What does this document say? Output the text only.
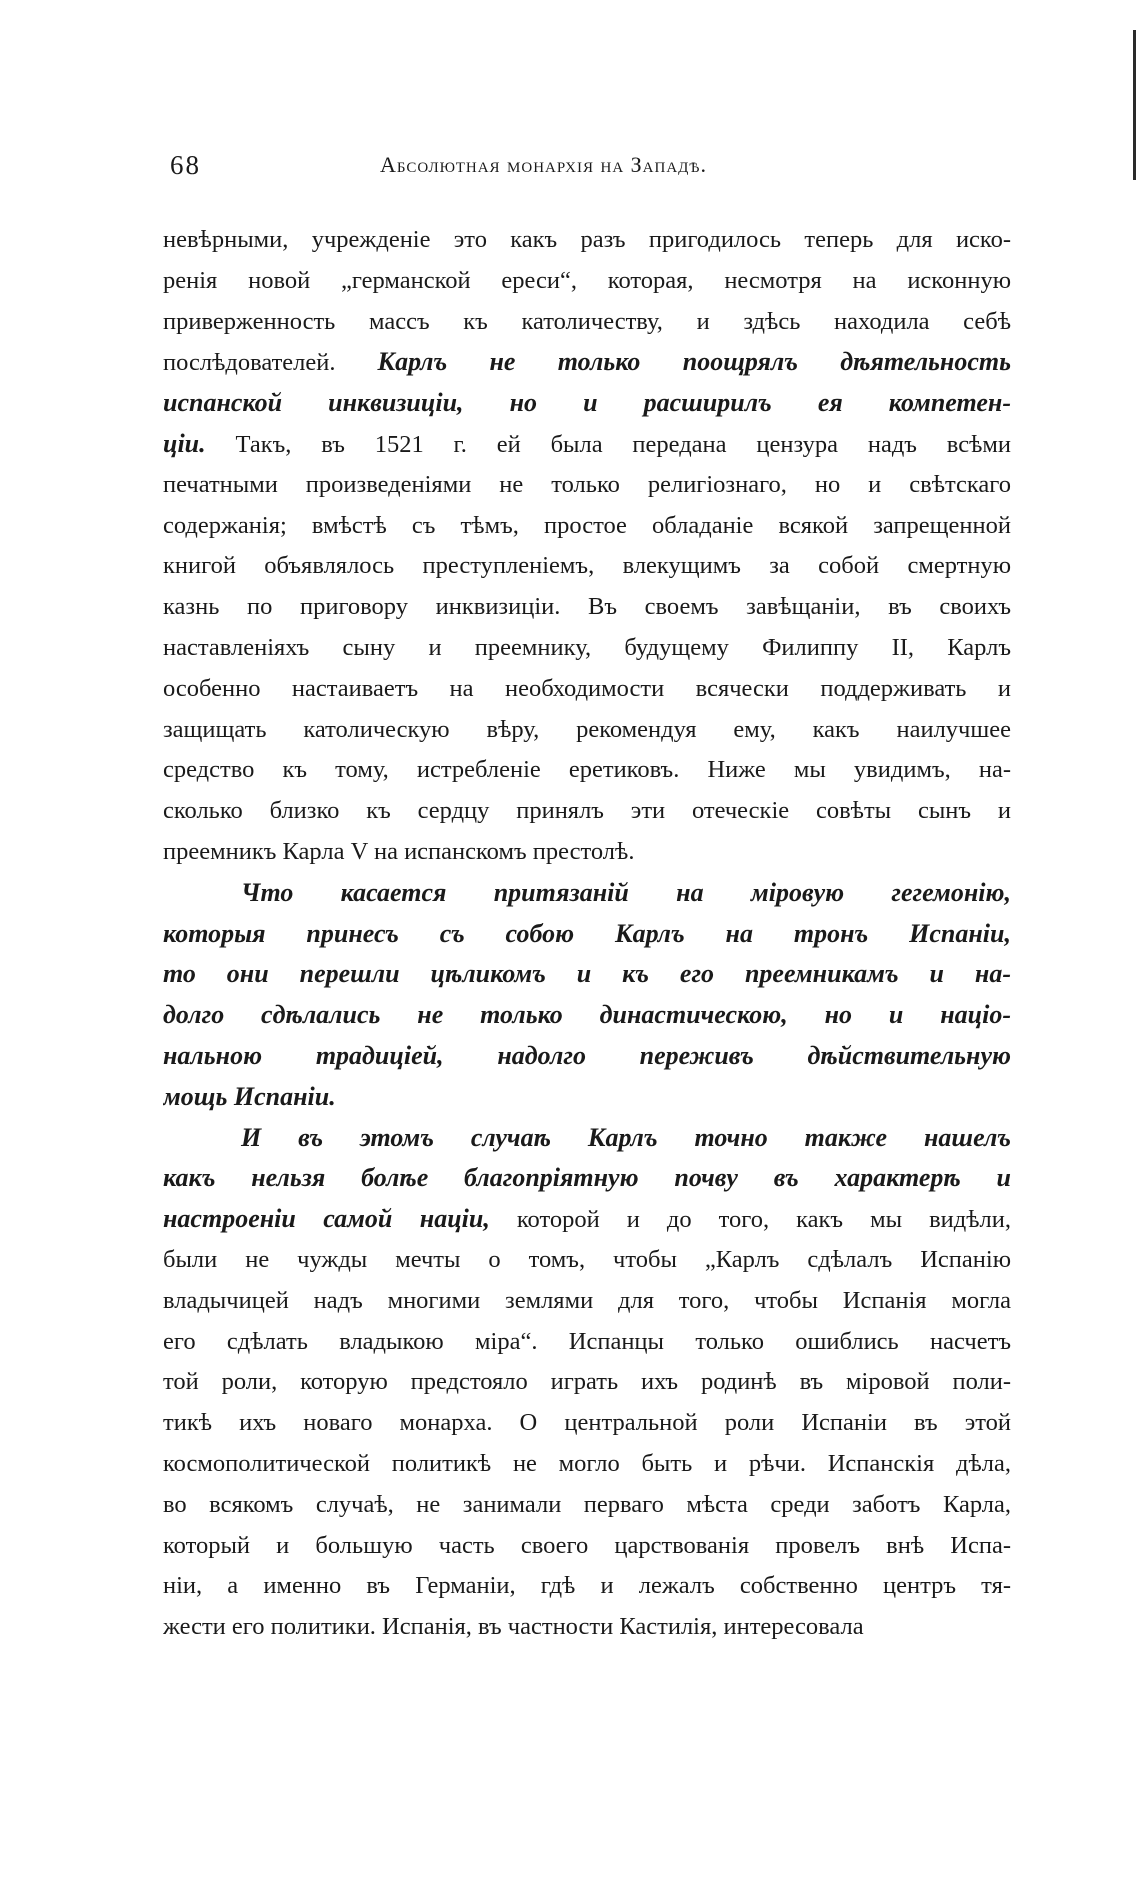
68	Абсолютная монархія на Западѣ.
невѣрными, учрежденіе это какъ разъ пригодилось теперь для иско-
ренія новой „германской ереси“, которая, несмотря на исконную
приверженность массъ къ католичеству, и здѣсь находила себѣ
послѣдователей. Карлъ не только поощрялъ дѣятельность
испанской инквизиціи, но и расширилъ ея компетен-
ціи. Такъ, въ 1521 г. ей была передана цензура надъ всѣми
печатными произведеніями не только религіознаго, но и свѣтскаго
содержанія; вмѣстѣ съ тѣмъ, простое обладаніе всякой запрещенной
книгой объявлялось преступленіемъ, влекущимъ за собой смертную
казнь по приговору инквизиціи. Въ своемъ завѣщаніи, въ своихъ
наставленіяхъ сыну и преемнику, будущему Филиппу II, Карлъ
особенно настаиваетъ на необходимости всячески поддерживать и
защищать католическую вѣру, рекомендуя ему, какъ наилучшее
средство къ тому, истребленіе еретиковъ. Ниже мы увидимъ, на-
сколько близко къ сердцу принялъ эти отеческіе совѣты сынъ и
преемникъ Карла V на испанскомъ престолѣ.
Что касается притязаній на міровую гегемонію,
которыя принесъ съ собою Карлъ на тронъ Испаніи,
то они перешли цѣликомъ и къ его преемникамъ и на-
долго сдѣлались не только династическою, но и націо-
нальною традиціей, надолго переживъ дѣйствительную
мощь Испаніи.
И въ этомъ случаѣ Карлъ точно также нашелъ
какъ нельзя болѣе благопріятную почву въ характерѣ и
настроеніи самой націи, которой и до того, какъ мы видѣли,
были не чужды мечты о томъ, чтобы „Карлъ сдѣлалъ Испанію
владычицей надъ многими землями для того, чтобы Испанія могла
его сдѣлать владыкою міра“. Испанцы только ошиблись насчетъ
той роли, которую предстояло играть ихъ родинѣ въ міровой поли-
тикѣ ихъ новаго монарха. О центральной роли Испаніи въ этой
космополитической политикѣ не могло быть и рѣчи. Испанскія дѣла,
во всякомъ случаѣ, не занимали перваго мѣста среди заботъ Карла,
который и большую часть своего царствованія провелъ внѣ Испа-
ніи, а именно въ Германіи, гдѣ и лежалъ собственно центръ тя-
жести его политики. Испанія, въ частности Кастилія, интересовала
